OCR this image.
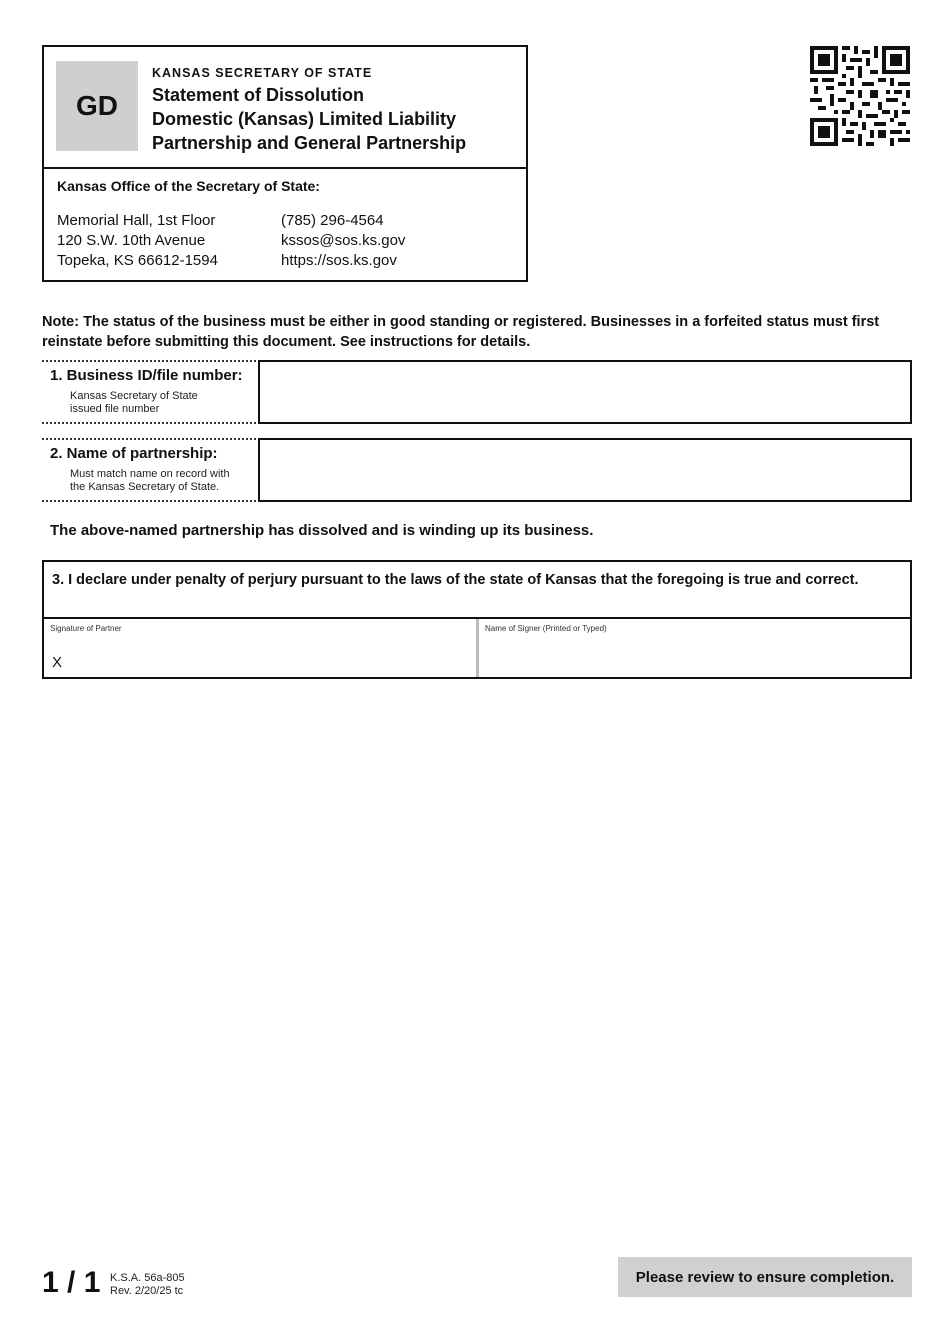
GD
KANSAS SECRETARY OF STATE
Statement of Dissolution
Domestic (Kansas) Limited Liability
Partnership and General Partnership
Kansas Office of the Secretary of State:
Memorial Hall, 1st Floor
120 S.W. 10th Avenue
Topeka, KS 66612-1594
(785) 296-4564
kssos@sos.ks.gov
https://sos.ks.gov
Note: The status of the business must be either in good standing or registered. Businesses in a forfeited status must first reinstate before submitting this document. See instructions for details.
1. Business ID/file number:
Kansas Secretary of State
issued file number
2. Name of partnership:
Must match name on record with
the Kansas Secretary of State.
The above-named partnership has dissolved and is winding up its business.
3. I declare under penalty of perjury pursuant to the laws of the state of Kansas that the foregoing is true and correct.
Signature of Partner
X
Name of Signer (Printed or Typed)
1 / 1 K.S.A. 56a-805
Rev. 2/20/25 tc
Please review to ensure completion.
